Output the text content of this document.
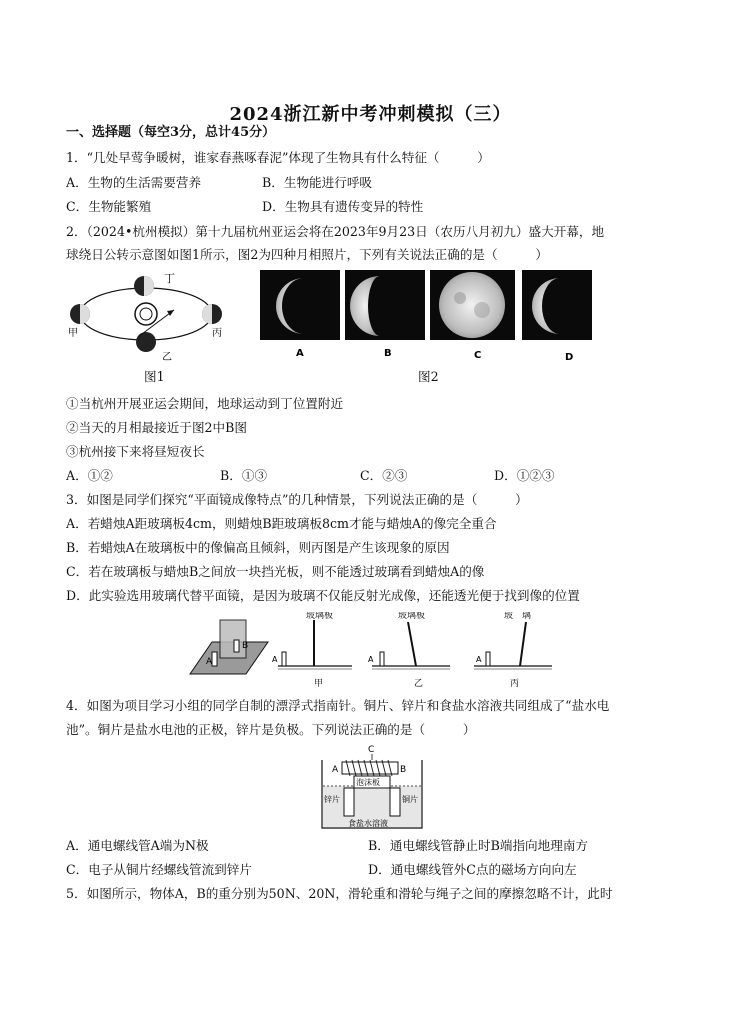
2024浙江新中考冲刺模拟（三）
一、选择题（每空3分，总计45分）
1．“几处早莺争暖树，谁家春燕啄春泥”体现了生物具有什么特征（　　　）
A．生物的生活需要营养	B．生物能进行呼吸
C．生物能繁殖	D．生物具有遗传变异的特性
2．（2024•杭州模拟）第十九届杭州亚运会将在2023年9月23日（农历八月初九）盛大开幕，地
球绕日公转示意图如图1所示，图2为四种月相照片，下列有关说法正确的是（　　　）
丁
甲	丙
乙	A	B	C	D
图1	图2
①当杭州开展亚运会期间，地球运动到丁位置附近
②当天的月相最接近于图2中B图
③杭州接下来将昼短夜长
A．①②	B．①③	C．②③	D．①②③
3．如图是同学们探究“平面镜成像特点”的几种情景，下列说法正确的是（　　　）
A．若蜡烛A距玻璃板4cm，则蜡烛B距玻璃板8cm才能与蜡烛A的像完全重合
B．若蜡烛A在玻璃板中的像偏高且倾斜，则丙图是产生该现象的原因
C．若在玻璃板与蜡烛B之间放一块挡光板，则不能透过玻璃看到蜡烛A的像
D．此实验选用玻璃代替平面镜，是因为玻璃不仅能反射光成像，还能透光便于找到像的位置
A
B
A
玻璃板
甲
A
玻璃板
乙
A
玻　璃
丙
4．如图为项目学习小组的同学自制的漂浮式指南针。铜片、锌片和食盐水溶液共同组成了“盐水电
池”。铜片是盐水电池的正极，锌片是负极。下列说法正确的是（　　　）
C
A	B
泡沫板
锌片	铜片
食盐水溶液
A．通电螺线管A端为N极	B．通电螺线管静止时B端指向地理南方
C．电子从铜片经螺线管流到锌片	D．通电螺线管外C点的磁场方向向左
5．如图所示，物体A，B的重分别为50N、20N，滑轮重和滑轮与绳子之间的摩擦忽略不计，此时
